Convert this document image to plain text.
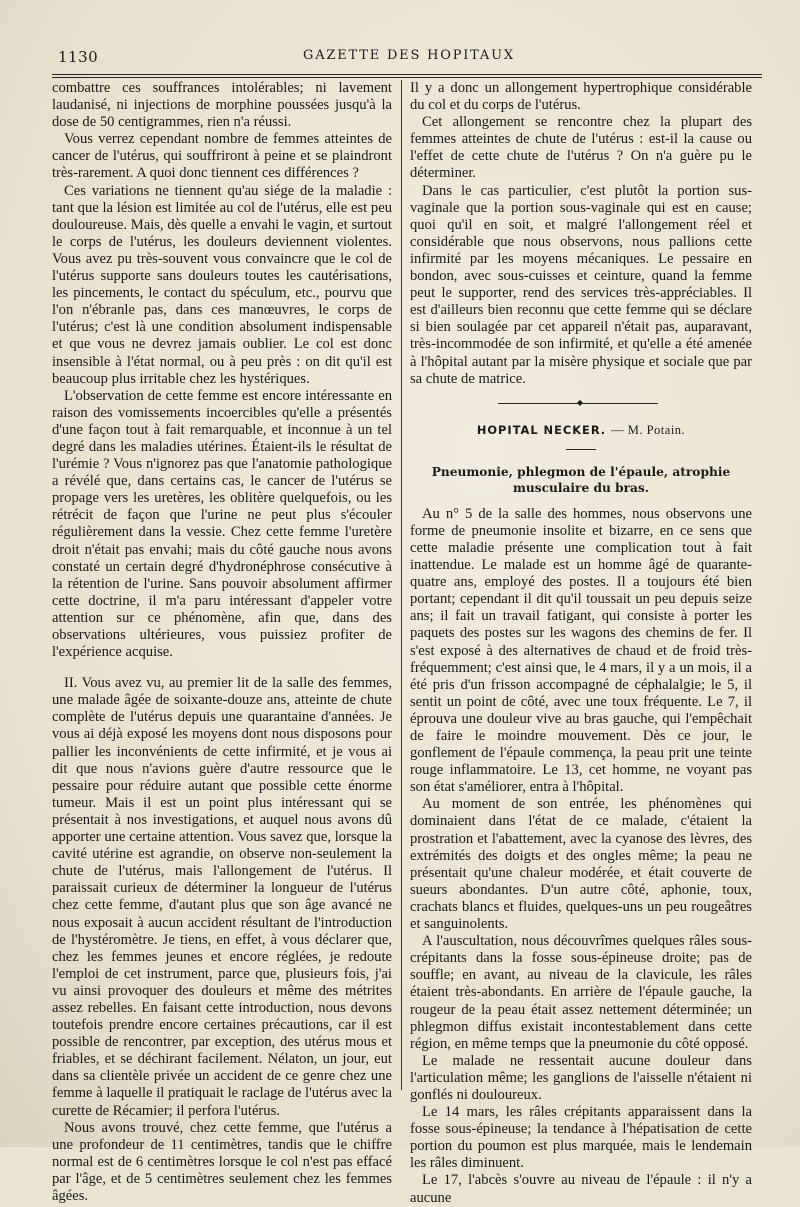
1130	GAZETTE DES HOPITAUX

combattre ces souffrances intolérables; ni lavement laudanisé, ni injections de morphine poussées jusqu'à la dose de 50 centigrammes, rien n'a réussi.

Vous verrez cependant nombre de femmes atteintes de cancer de l'utérus, qui souffriront à peine et se plaindront très-rarement. A quoi donc tiennent ces différences ?

Ces variations ne tiennent qu'au siége de la maladie : tant que la lésion est limitée au col de l'utérus, elle est peu douloureuse. Mais, dès quelle a envahi le vagin, et surtout le corps de l'utérus, les douleurs deviennent violentes. Vous avez pu très-souvent vous convaincre que le col de l'utérus supporte sans douleurs toutes les cautérisations, les pincements, le contact du spéculum, etc., pourvu que l'on n'ébranle pas, dans ces manœuvres, le corps de l'utérus; c'est là une condition absolument indispensable et que vous ne devrez jamais oublier. Le col est donc insensible à l'état normal, ou à peu près : on dit qu'il est beaucoup plus irritable chez les hystériques.

L'observation de cette femme est encore intéressante en raison des vomissements incoercibles qu'elle a présentés d'une façon tout à fait remarquable, et inconnue à un tel degré dans les maladies utérines. Étaient-ils le résultat de l'urémie ? Vous n'ignorez pas que l'anatomie pathologique a révélé que, dans certains cas, le cancer de l'utérus se propage vers les uretères, les oblitère quelquefois, ou les rétrécit de façon que l'urine ne peut plus s'écouler régulièrement dans la vessie. Chez cette femme l'uretère droit n'était pas envahi; mais du côté gauche nous avons constaté un certain degré d'hydronéphrose consécutive à la rétention de l'urine. Sans pouvoir absolument affirmer cette doctrine, il m'a paru intéressant d'appeler votre attention sur ce phénomène, afin que, dans des observations ultérieures, vous puissiez profiter de l'expérience acquise.

II. Vous avez vu, au premier lit de la salle des femmes, une malade âgée de soixante-douze ans, atteinte de chute complète de l'utérus depuis une quarantaine d'années. Je vous ai déjà exposé les moyens dont nous disposons pour pallier les inconvénients de cette infirmité, et je vous ai dit que nous n'avions guère d'autre ressource que le pessaire pour réduire autant que possible cette énorme tumeur. Mais il est un point plus intéressant qui se présentait à nos investigations, et auquel nous avons dû apporter une certaine attention. Vous savez que, lorsque la cavité utérine est agrandie, on observe non-seulement la chute de l'utérus, mais l'allongement de l'utérus. Il paraissait curieux de déterminer la longueur de l'utérus chez cette femme, d'autant plus que son âge avancé ne nous exposait à aucun accident résultant de l'introduction de l'hystéromètre. Je tiens, en effet, à vous déclarer que, chez les femmes jeunes et encore réglées, je redoute l'emploi de cet instrument, parce que, plusieurs fois, j'ai vu ainsi provoquer des douleurs et même des métrites assez rebelles. En faisant cette introduction, nous devons toutefois prendre encore certaines précautions, car il est possible de rencontrer, par exception, des utérus mous et friables, et se déchirant facilement. Nélaton, un jour, eut dans sa clientèle privée un accident de ce genre chez une femme à laquelle il pratiquait le raclage de l'utérus avec la curette de Récamier; il perfora l'utérus.

Nous avons trouvé, chez cette femme, que l'utérus a une profondeur de 11 centimètres, tandis que le chiffre normal est de 6 centimètres lorsque le col n'est pas effacé par l'âge, et de 5 centimètres seulement chez les femmes âgées.

Il y a donc un allongement hypertrophique considérable du col et du corps de l'utérus.

Cet allongement se rencontre chez la plupart des femmes atteintes de chute de l'utérus : est-il la cause ou l'effet de cette chute de l'utérus ? On n'a guère pu le déterminer.

Dans le cas particulier, c'est plutôt la portion sus-vaginale que la portion sous-vaginale qui est en cause; quoi qu'il en soit, et malgré l'allongement réel et considérable que nous observons, nous pallions cette infirmité par les moyens mécaniques. Le pessaire en bondon, avec sous-cuisses et ceinture, quand la femme peut le supporter, rend des services très-appréciables. Il est d'ailleurs bien reconnu que cette femme qui se déclare si bien soulagée par cet appareil n'était pas, auparavant, très-incommodée de son infirmité, et qu'elle a été amenée à l'hôpital autant par la misère physique et sociale que par sa chute de matrice.

◆
HOPITAL NECKER. — M. Potain.
Pneumonie, phlegmon de l'épaule, atrophie musculaire du bras.

Au n° 5 de la salle des hommes, nous observons une forme de pneumonie insolite et bizarre, en ce sens que cette maladie présente une complication tout à fait inattendue. Le malade est un homme âgé de quarante-quatre ans, employé des postes. Il a toujours été bien portant; cependant il dit qu'il toussait un peu depuis seize ans; il fait un travail fatigant, qui consiste à porter les paquets des postes sur les wagons des chemins de fer. Il s'est exposé à des alternatives de chaud et de froid très-fréquemment; c'est ainsi que, le 4 mars, il y a un mois, il a été pris d'un frisson accompagné de céphalalgie; le 5, il sentit un point de côté, avec une toux fréquente. Le 7, il éprouva une douleur vive au bras gauche, qui l'empêchait de faire le moindre mouvement. Dès ce jour, le gonflement de l'épaule commença, la peau prit une teinte rouge inflammatoire. Le 13, cet homme, ne voyant pas son état s'améliorer, entra à l'hôpital.

Au moment de son entrée, les phénomènes qui dominaient dans l'état de ce malade, c'étaient la prostration et l'abattement, avec la cyanose des lèvres, des extrémités des doigts et des ongles même; la peau ne présentait qu'une chaleur modérée, et était couverte de sueurs abondantes. D'un autre côté, aphonie, toux, crachats blancs et fluides, quelques-uns un peu rougeâtres et sanguinolents.

A l'auscultation, nous découvrîmes quelques râles sous-crépitants dans la fosse sous-épineuse droite; pas de souffle; en avant, au niveau de la clavicule, les râles étaient très-abondants. En arrière de l'épaule gauche, la rougeur de la peau était assez nettement déterminée; un phlegmon diffus existait incontestablement dans cette région, en même temps que la pneumonie du côté opposé.

Le malade ne ressentait aucune douleur dans l'articulation même; les ganglions de l'aisselle n'étaient ni gonflés ni douloureux.

Le 14 mars, les râles crépitants apparaissent dans la fosse sous-épineuse; la tendance à l'hépatisation de cette portion du poumon est plus marquée, mais le lendemain les râles diminuent.

Le 17, l'abcès s'ouvre au niveau de l'épaule : il n'y a aucune
